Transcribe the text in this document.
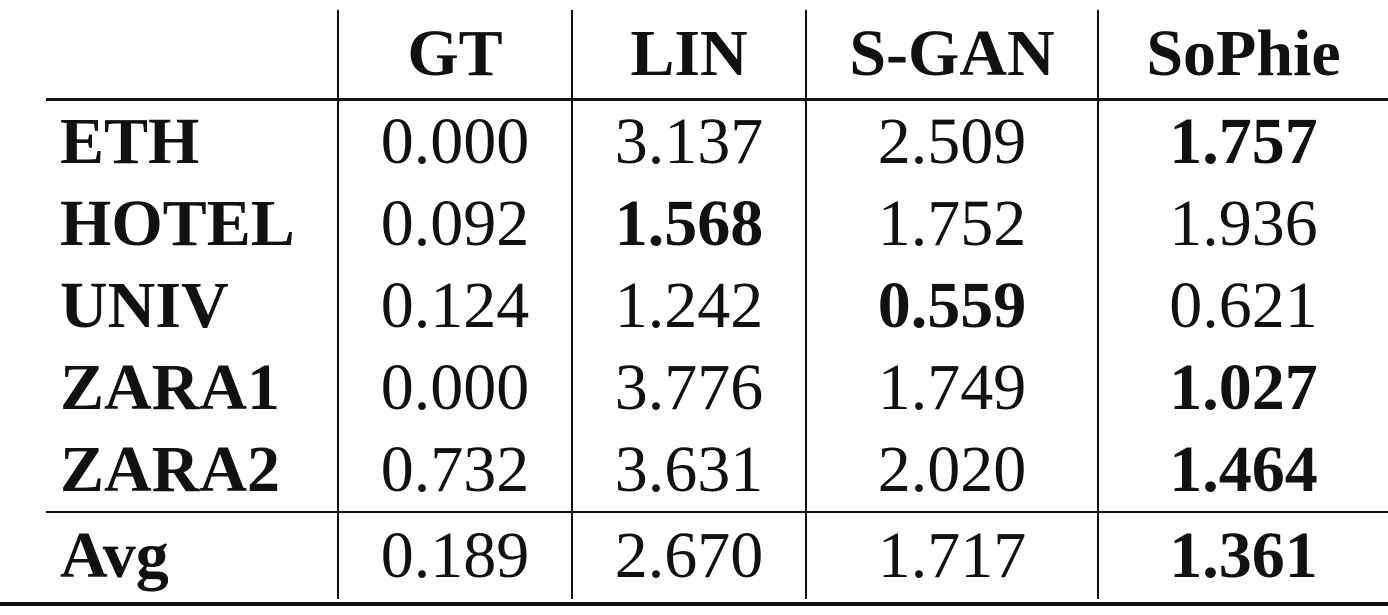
	GT	LIN	S-GAN	SoPhie
ETH	0.000	3.137	2.509	1.757
HOTEL	0.092	1.568	1.752	1.936
UNIV	0.124	1.242	0.559	0.621
ZARA1	0.000	3.776	1.749	1.027
ZARA2	0.732	3.631	2.020	1.464
Avg	0.189	2.670	1.717	1.361
